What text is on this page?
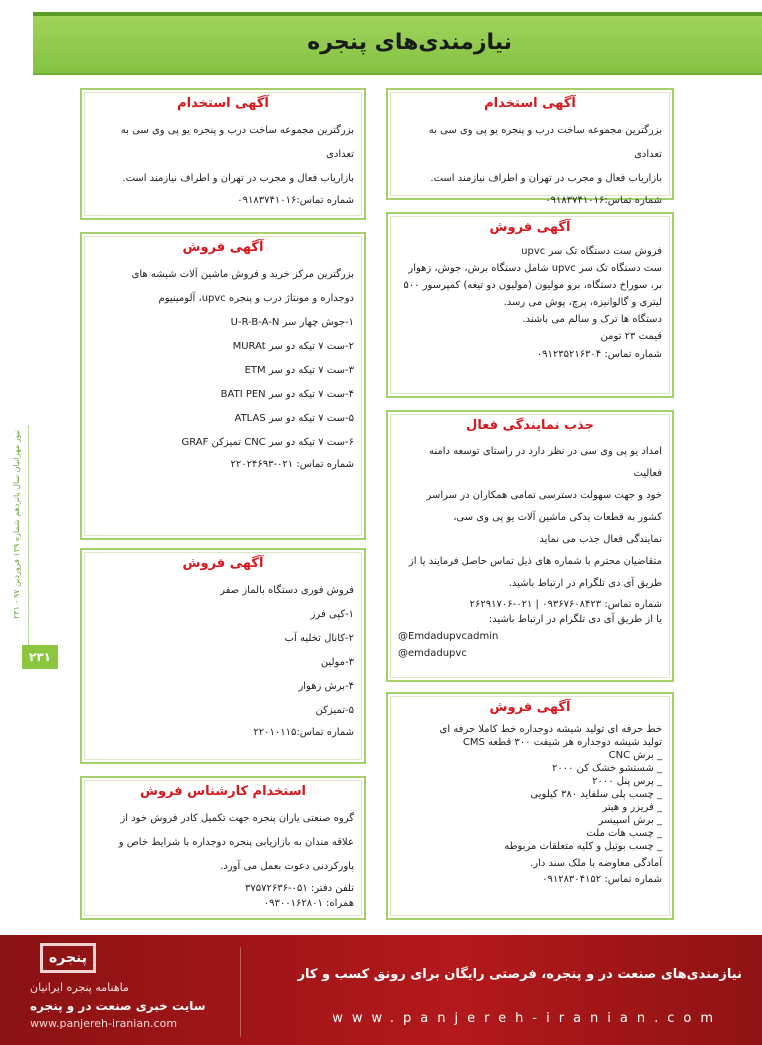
نیازمندی‌های پنجره
نیوز مهرانیان سال پانزدهم شماره ۱۳۹ فروردین ۹۷ - ۲۳۱
۲۳۱
آگهی استخدام
بزرگترین مجموعه ساخت درب و پنجره یو پی وی سی به تعدادی
بازاریاب فعال و مجرب در تهران و اطراف نیازمند است.
شماره تماس:۰۹۱۸۳۷۴۱۰۱۶
آگهی فروش
بزرگترین مرکز خرید و فروش ماشین آلات شیشه های
دوجداره و مونتاژ درب و پنجره upvc، آلومینیوم
۱-جوش چهار سر U-R-B-A-N
۲-ست ۷ تیکه دو سر MURAt
۳-ست ۷ تیکه دو سر ETM
۴-ست ۷ تیکه دو سر BATI PEN
۵-ست ۷ تیکه دو سر ATLAS
۶-ست ۷ تیکه دو سر CNC تمیزکن GRAF
شماره تماس: ۰۲۱-۲۲۰۲۴۶۹۳
آگهی فروش
فروش فوری دستگاه بالماز صفر
۱-کپی فرز
۲-کانال تخلیه آب
۳-مولین
۴-برش زهوار
۵-تمیزکن
شماره تماس:۲۲۰۱۰۱۱۵
استخدام کارشناس فروش
گروه صنعتی یاران پنجره جهت تکمیل کادر فروش خود از
علاقه مندان به بازاریابی پنجره دوجداره با شرایط خاص و
پاورکردنی دعوت بعمل می آورد.
تلفن دفتر: ۰۵۱-۳۷۵۷۲۶۳۶
همراه: ۰۹۳۰۰۱۶۲۸۰۱
آگهی استخدام
بزرگترین مجموعه ساخت درب و پنجره یو پی وی سی به تعدادی
بازاریاب فعال و مجرب در تهران و اطراف نیازمند است.
شماره تماس:۰۹۱۸۳۷۴۱۰۱۶
آگهی فروش
فروش ست دستگاه تک سر upvc
ست دستگاه تک سر upvc شامل دستگاه برش، جوش، زهوار
بر، سوراخ دستگاه، برو مولیون (مولیون دو تیغه) کمپرسور ۵۰۰
لیتری و گالوانیزه، پرچ، پوش می رسد.
دستگاه ها ترک و سالم می باشند.
قیمت ۲۳ تومن
شماره تماس: ۰۹۱۲۳۵۲۱۶۳۰۴
جذب نمایندگی فعال
امداد یو پی وی سی در نظر دارد در راستای توسعه دامنه فعالیت
خود و جهت سهولت دسترسی تمامی همکاران در سراسر
کشور به قطعات یدکی ماشین آلات یو پی وی سی،
نمایندگی فعال جذب می نماید
متقاضیان محترم با شماره های ذیل تماس حاصل فرمایند یا از
طریق آی دی تلگرام در ارتباط باشید.
شماره تماس: ۰۹۳۶۷۶۰۸۴۲۳ | ۰۲۱-۲۶۲۹۱۷۰۶
یا از طریق آی دی تلگرام در ارتباط باشید:
@Emdadupvcadmin
@emdadupvc
آگهی فروش
خط حرفه ای تولید شیشه دوجداره خط کاملا حرفه ای
تولید شیشه دوجداره هر شیفت ۳۰۰ قطعه CMS
_ برش CNC
_ شستشو خشک کن ۲۰۰۰
_ پرس پنل ۲۰۰۰
_ چسب پلی سلفاید ۳۸۰ کیلویی
_ فریزر و هیتر
_ برش اسپیسر
_ چسب هات ملت
_ چسب بوتیل و کلیه متعلقات مربوطه
آمادگی معاوضه با ملک سند دار.
شماره تماس: ۰۹۱۲۸۳۰۴۱۵۲
پنجره
ماهنامه پنجره ایرانیان
سایت خبری صنعت در و پنجره
www.panjereh-iranian.com
نیازمندی‌های صنعت در و پنجره، فرصتی رایگان برای رونق کسب و کار
www.panjereh-iranian.com
